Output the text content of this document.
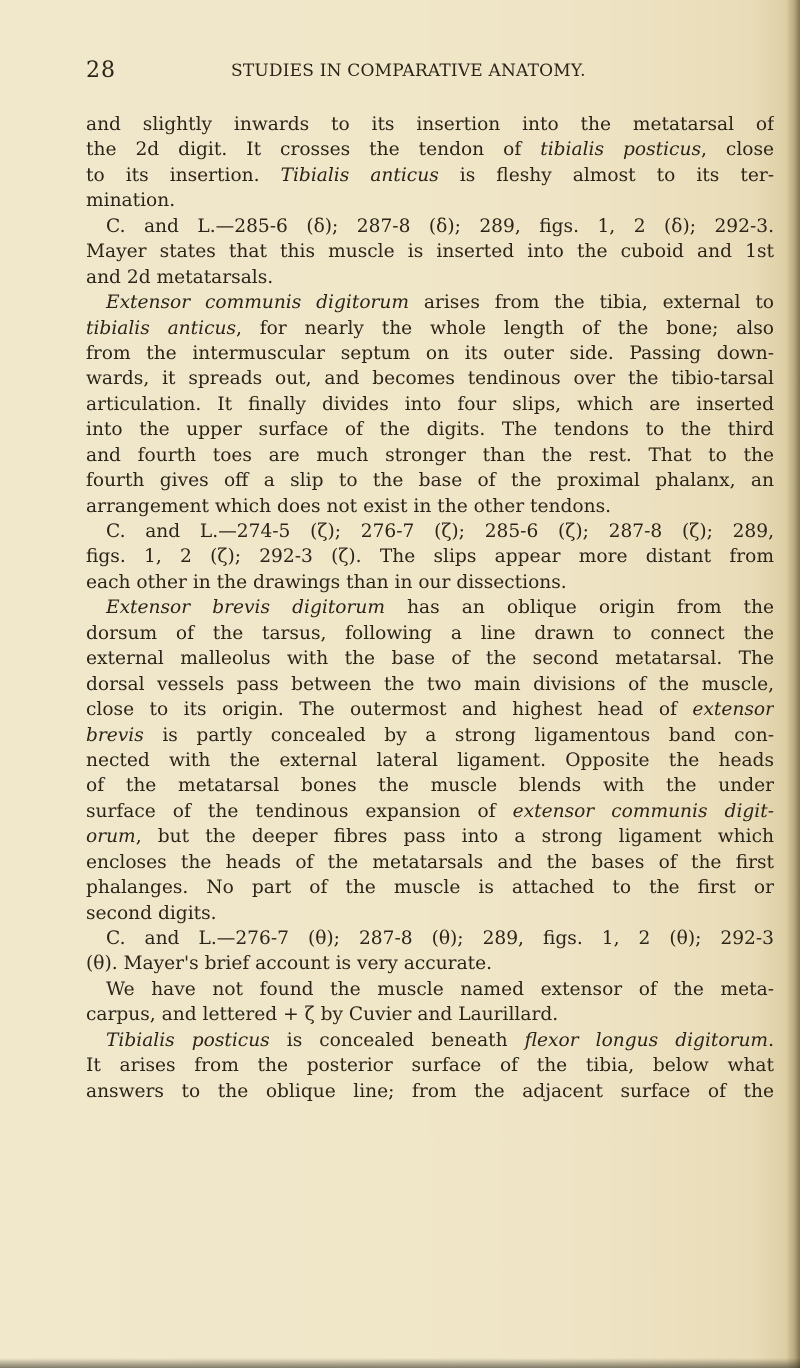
28	STUDIES IN COMPARATIVE ANATOMY.
and slightly inwards to its insertion into the metatarsal of
the 2d digit. It crosses the tendon of tibialis posticus, close
to its insertion. Tibialis anticus is fleshy almost to its ter-
mination.
C. and L.—285-6 (δ); 287-8 (δ); 289, figs. 1, 2 (δ); 292-3.
Mayer states that this muscle is inserted into the cuboid and 1st
and 2d metatarsals.
Extensor communis digitorum arises from the tibia, external to
tibialis anticus, for nearly the whole length of the bone; also
from the intermuscular septum on its outer side. Passing down-
wards, it spreads out, and becomes tendinous over the tibio-tarsal
articulation. It finally divides into four slips, which are inserted
into the upper surface of the digits. The tendons to the third
and fourth toes are much stronger than the rest. That to the
fourth gives off a slip to the base of the proximal phalanx, an
arrangement which does not exist in the other tendons.
C. and L.—274-5 (ζ); 276-7 (ζ); 285-6 (ζ); 287-8 (ζ); 289,
figs. 1, 2 (ζ); 292-3 (ζ). The slips appear more distant from
each other in the drawings than in our dissections.
Extensor brevis digitorum has an oblique origin from the
dorsum of the tarsus, following a line drawn to connect the
external malleolus with the base of the second metatarsal. The
dorsal vessels pass between the two main divisions of the muscle,
close to its origin. The outermost and highest head of extensor
brevis is partly concealed by a strong ligamentous band con-
nected with the external lateral ligament. Opposite the heads
of the metatarsal bones the muscle blends with the under
surface of the tendinous expansion of extensor communis digit-
orum, but the deeper fibres pass into a strong ligament which
encloses the heads of the metatarsals and the bases of the first
phalanges. No part of the muscle is attached to the first or
second digits.
C. and L.—276-7 (θ); 287-8 (θ); 289, figs. 1, 2 (θ); 292-3
(θ). Mayer's brief account is very accurate.
We have not found the muscle named extensor of the meta-
carpus, and lettered + ζ by Cuvier and Laurillard.
Tibialis posticus is concealed beneath flexor longus digitorum.
It arises from the posterior surface of the tibia, below what
answers to the oblique line; from the adjacent surface of the
